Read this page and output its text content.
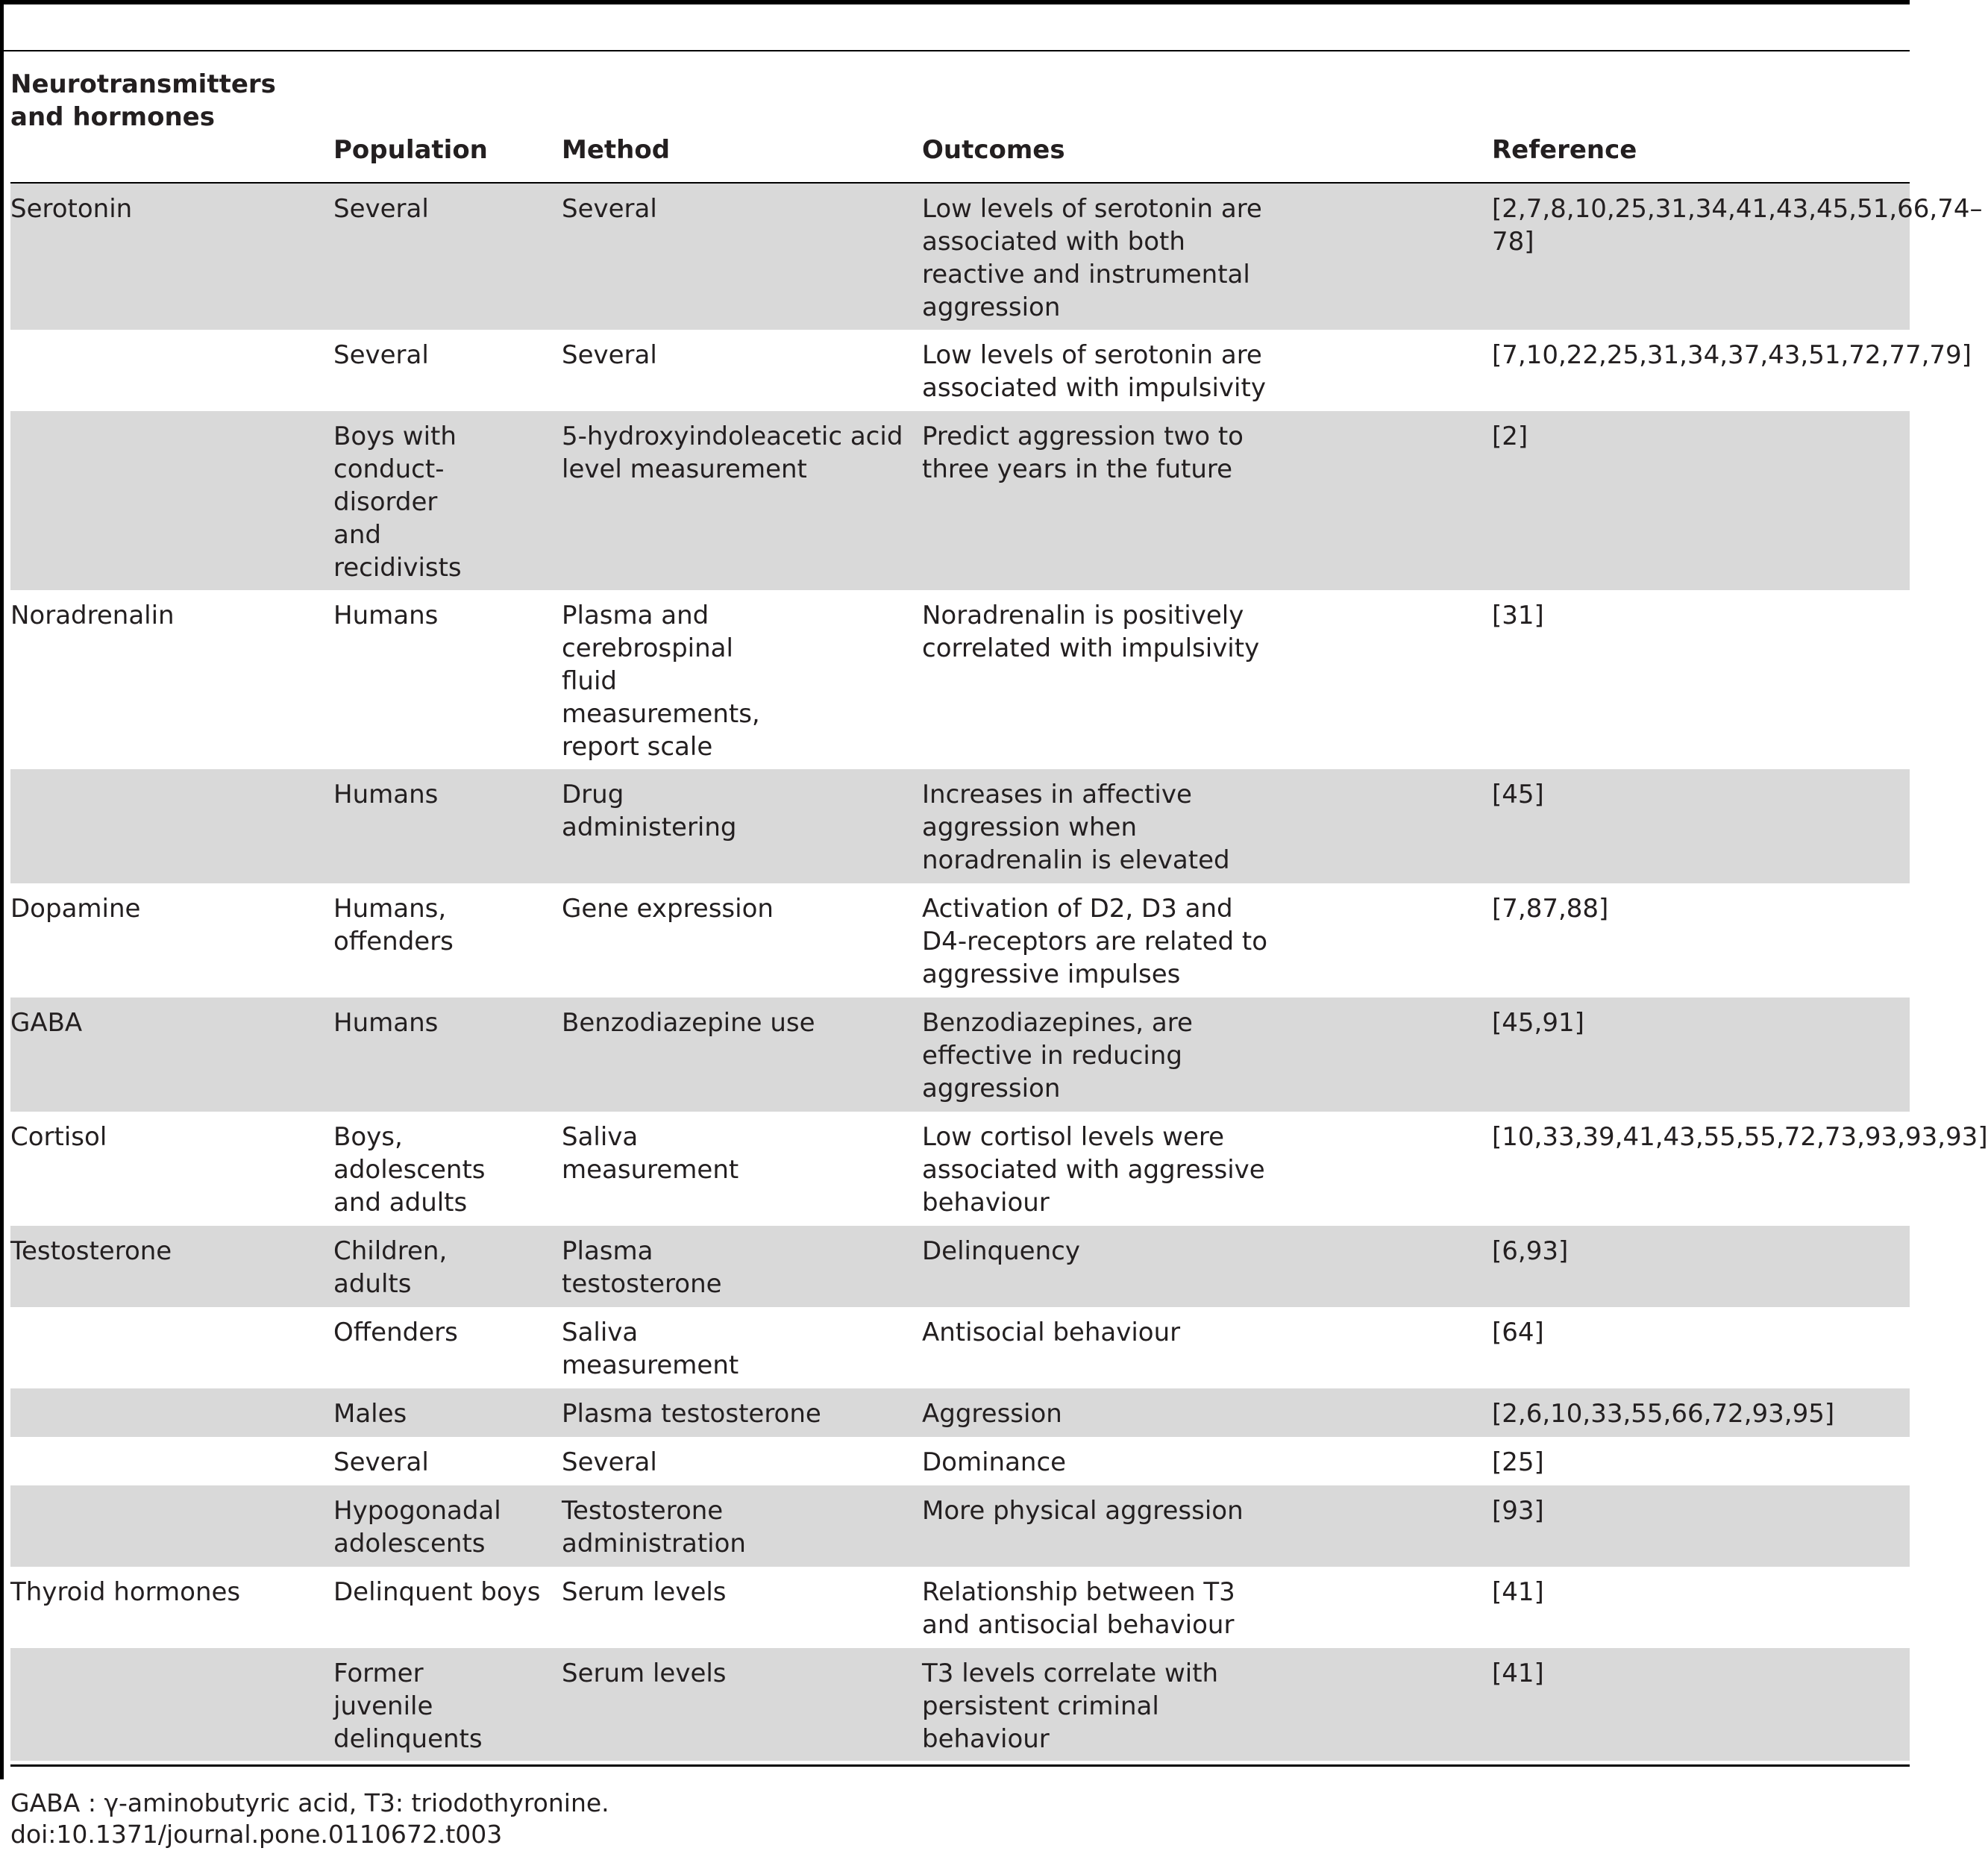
Neurotransmitters and hormones
Population	Method	Outcomes	Reference
Serotonin	Several	Several	Low levels of serotonin are associated with both reactive and instrumental aggression	[2,7,8,10,25,31,34,41,43,45,51,66,74–78]
	Several	Several	Low levels of serotonin are associated with impulsivity	[7,10,22,25,31,34,37,43,51,72,77,79]
	Boys with conduct-disorder and recidivists	5-hydroxyindoleacetic acid level measurement	Predict aggression two to three years in the future	[2]
Noradrenalin	Humans	Plasma and cerebrospinal fluid measurements, report scale	Noradrenalin is positively correlated with impulsivity	[31]
	Humans	Drug administering	Increases in affective aggression when noradrenalin is elevated	[45]
Dopamine	Humans, offenders	Gene expression	Activation of D2, D3 and D4-receptors are related to aggressive impulses	[7,87,88]
GABA	Humans	Benzodiazepine use	Benzodiazepines, are effective in reducing aggression	[45,91]
Cortisol	Boys, adolescents and adults	Saliva measurement	Low cortisol levels were associated with aggressive behaviour	[10,33,39,41,43,55,55,72,73,93,93,93]
Testosterone	Children, adults	Plasma testosterone	Delinquency	[6,93]
	Offenders	Saliva measurement	Antisocial behaviour	[64]
	Males	Plasma testosterone	Aggression	[2,6,10,33,55,66,72,93,95]
	Several	Several	Dominance	[25]
	Hypogonadal adolescents	Testosterone administration	More physical aggression	[93]
Thyroid hormones	Delinquent boys	Serum levels	Relationship between T3 and antisocial behaviour	[41]
	Former juvenile delinquents	Serum levels	T3 levels correlate with persistent criminal behaviour	[41]
GABA : γ-aminobutyric acid, T3: triodothyronine.
doi:10.1371/journal.pone.0110672.t003
